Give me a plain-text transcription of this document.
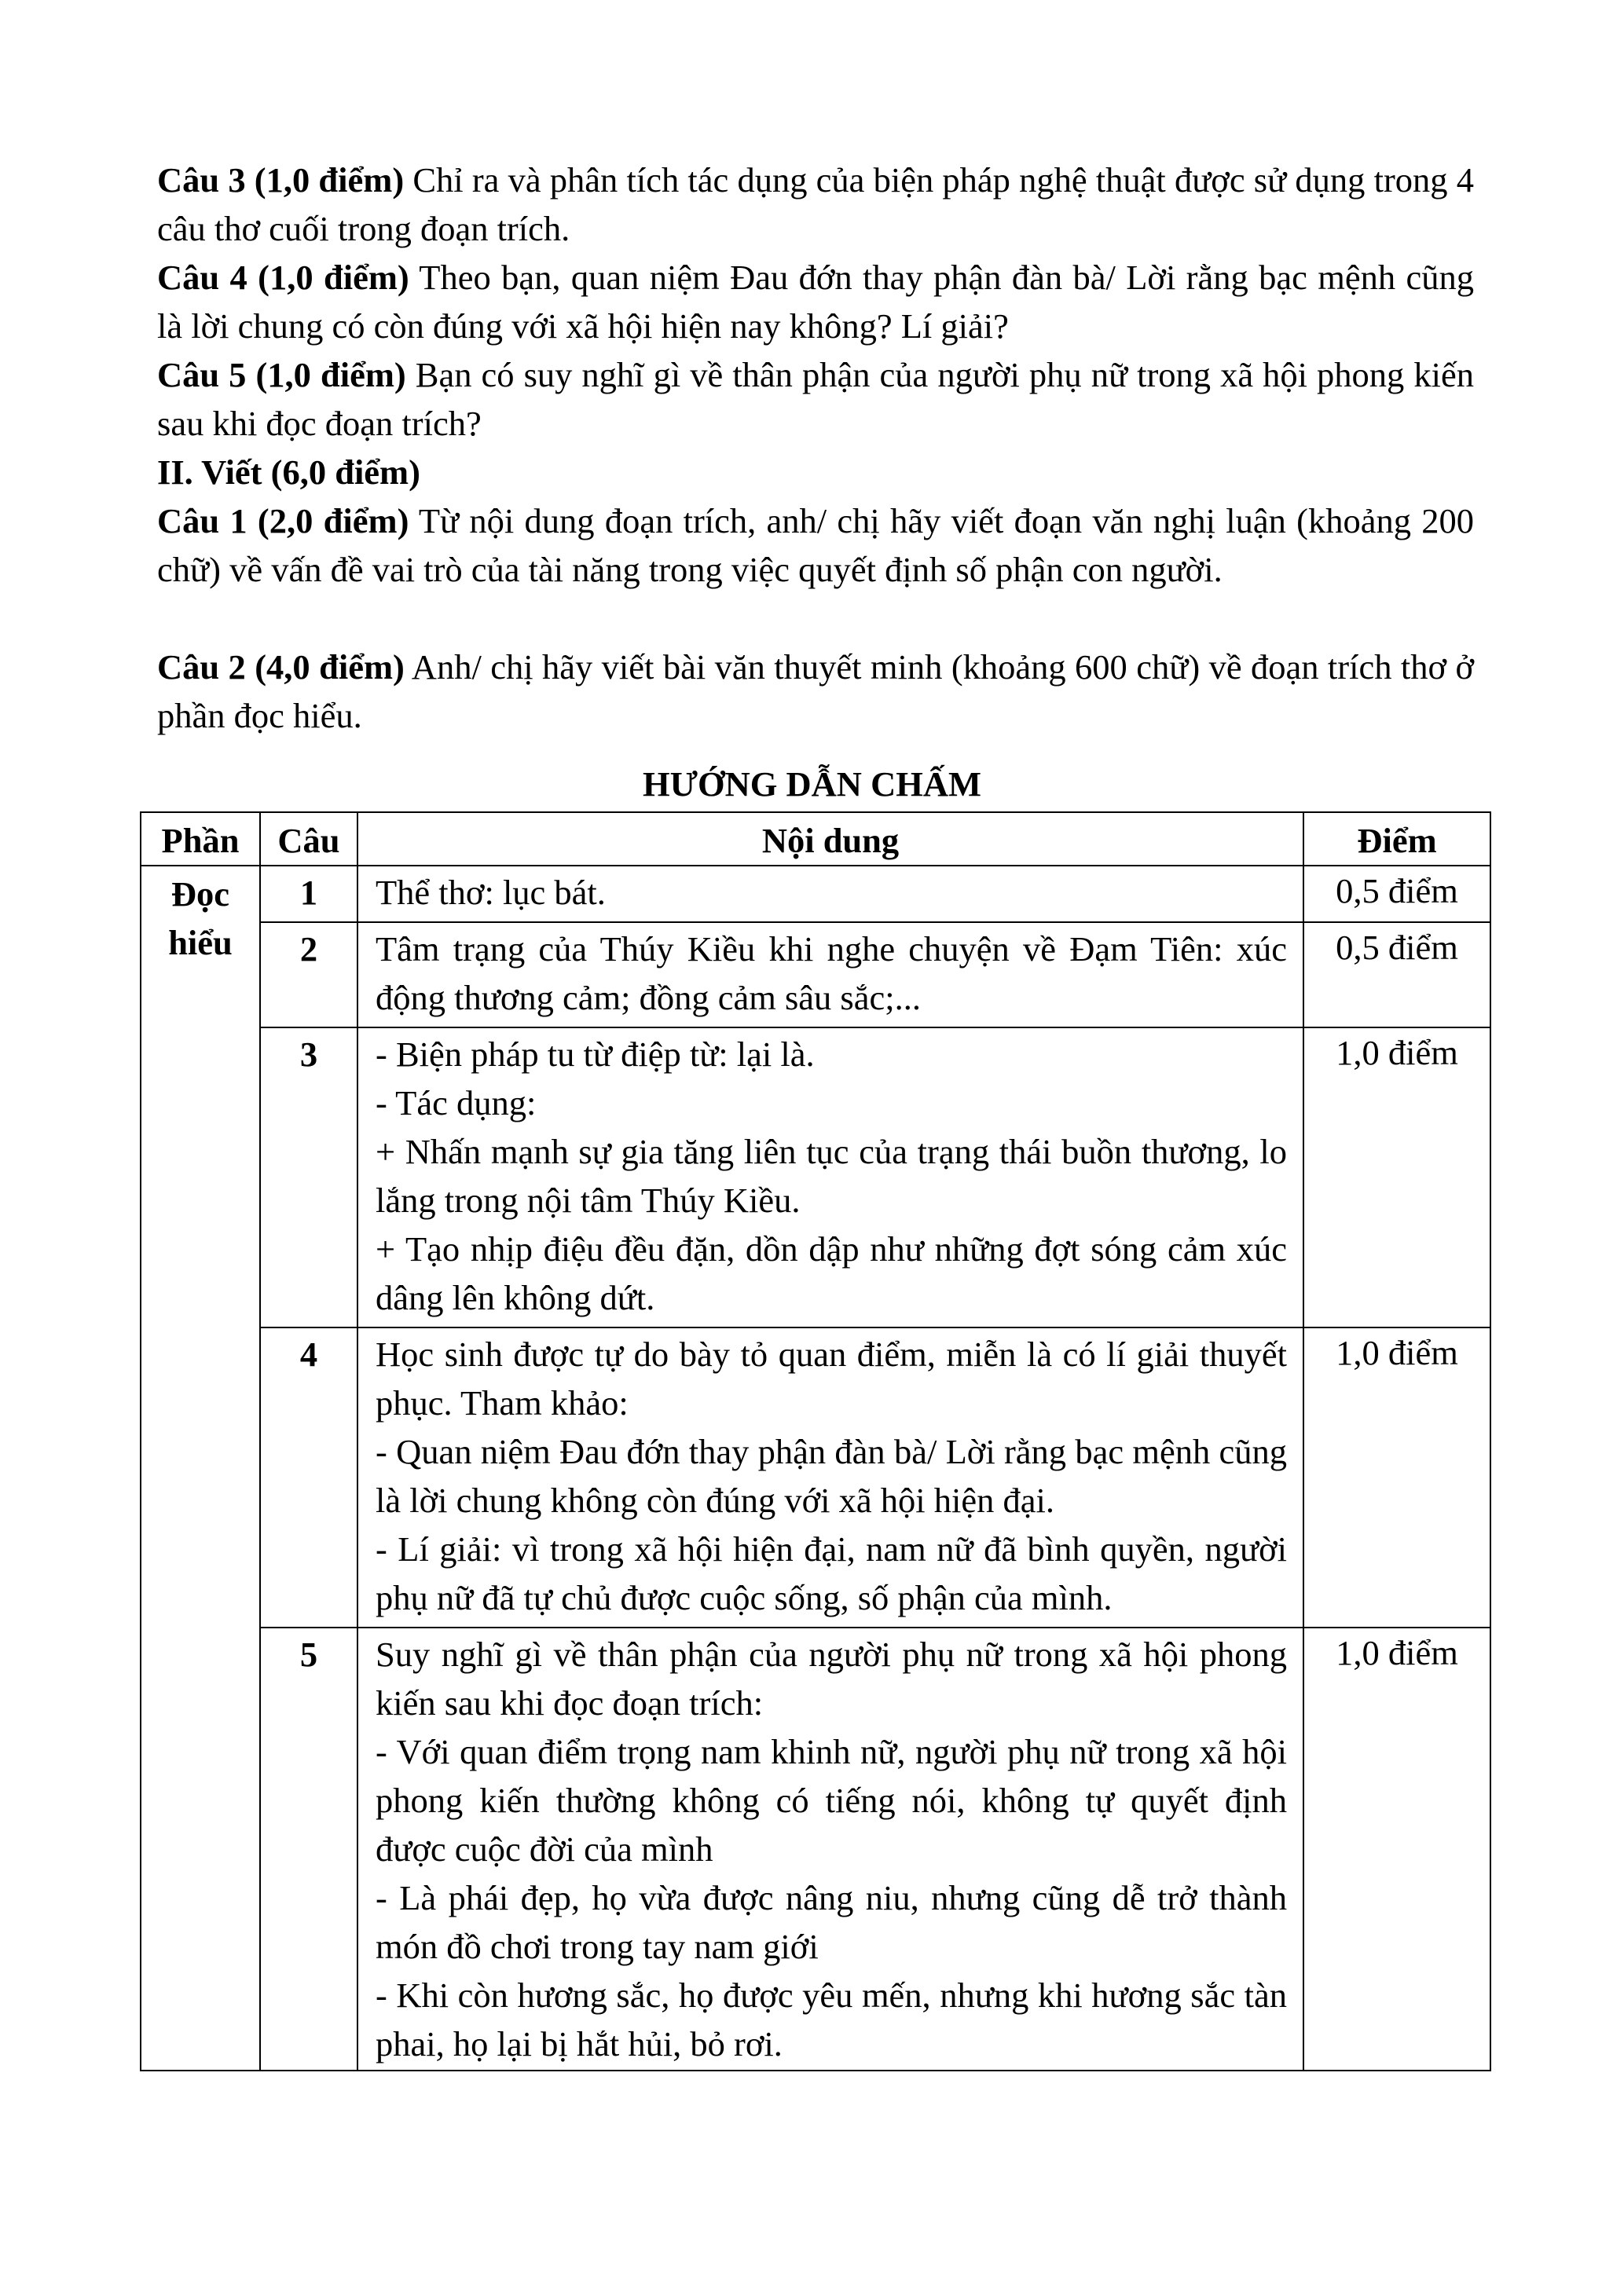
Câu 3 (1,0 điểm) Chỉ ra và phân tích tác dụng của biện pháp nghệ thuật được sử dụng trong 4 câu thơ cuối trong đoạn trích.
Câu 4 (1,0 điểm) Theo bạn, quan niệm Đau đớn thay phận đàn bà/ Lời rằng bạc mệnh cũng là lời chung có còn đúng với xã hội hiện nay không? Lí giải?
Câu 5 (1,0 điểm) Bạn có suy nghĩ gì về thân phận của người phụ nữ trong xã hội phong kiến sau khi đọc đoạn trích?
II. Viết (6,0 điểm)
Câu 1 (2,0 điểm) Từ nội dung đoạn trích, anh/ chị hãy viết đoạn văn nghị luận (khoảng 200 chữ) về vấn đề vai trò của tài năng trong việc quyết định số phận con người.
Câu 2 (4,0 điểm) Anh/ chị hãy viết bài văn thuyết minh (khoảng 600 chữ) về đoạn trích thơ ở phần đọc hiểu.
HƯỚNG DẪN CHẤM
Phần	Câu	Nội dung	Điểm

Đọc hiểu	1	Thể thơ: lục bát.	0,5 điểm
	2	Tâm trạng của Thúy Kiều khi nghe chuyện về Đạm Tiên: xúc động thương cảm; đồng cảm sâu sắc;...	0,5 điểm
	3	- Biện pháp tu từ điệp từ: lại là.
- Tác dụng:
+ Nhấn mạnh sự gia tăng liên tục của trạng thái buồn thương, lo lắng trong nội tâm Thúy Kiều.
+ Tạo nhịp điệu đều đặn, dồn dập như những đợt sóng cảm xúc dâng lên không dứt.	1,0 điểm
	4	Học sinh được tự do bày tỏ quan điểm, miễn là có lí giải thuyết phục. Tham khảo:
- Quan niệm Đau đớn thay phận đàn bà/ Lời rằng bạc mệnh cũng là lời chung không còn đúng với xã hội hiện đại.
- Lí giải: vì trong xã hội hiện đại, nam nữ đã bình quyền, người phụ nữ đã tự chủ được cuộc sống, số phận của mình.	1,0 điểm
	5	Suy nghĩ gì về thân phận của người phụ nữ trong xã hội phong kiến sau khi đọc đoạn trích:
- Với quan điểm trọng nam khinh nữ, người phụ nữ trong xã hội phong kiến thường không có tiếng nói, không tự quyết định được cuộc đời của mình
- Là phái đẹp, họ vừa được nâng niu, nhưng cũng dễ trở thành món đồ chơi trong tay nam giới
- Khi còn hương sắc, họ được yêu mến, nhưng khi hương sắc tàn phai, họ lại bị hắt hủi, bỏ rơi.	1,0 điểm
